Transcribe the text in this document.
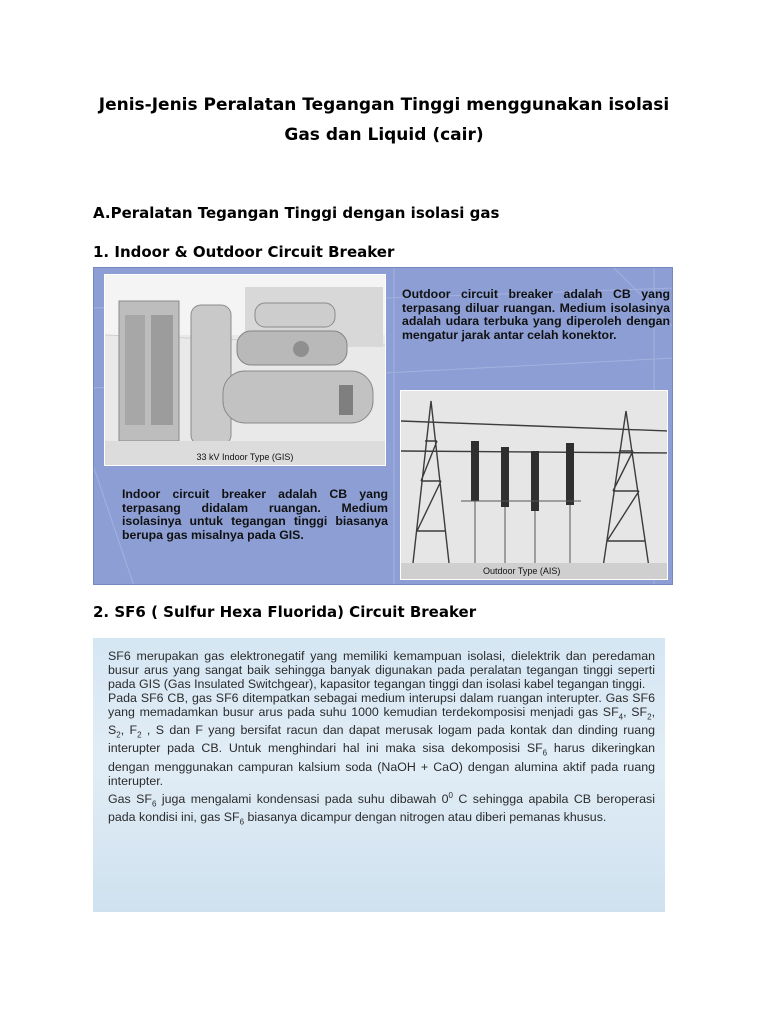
Jenis-Jenis Peralatan Tegangan Tinggi menggunakan isolasi
Gas dan Liquid (cair)
A.Peralatan Tegangan Tinggi dengan isolasi gas
1. Indoor & Outdoor Circuit Breaker
33 kV Indoor Type (GIS)
Outdoor circuit breaker adalah CB yang terpasang diluar ruangan. Medium isolasinya adalah udara terbuka yang diperoleh dengan mengatur jarak antar celah konektor.
Outdoor Type (AIS)
Indoor circuit breaker adalah CB yang terpasang didalam ruangan. Medium isolasinya untuk tegangan tinggi biasanya berupa gas misalnya pada GIS.
2. SF6 ( Sulfur Hexa Fluorida) Circuit Breaker

SF6 merupakan gas elektronegatif yang memiliki kemampuan isolasi, dielektrik dan peredaman busur arus yang sangat baik sehingga banyak digunakan pada peralatan tegangan tinggi seperti pada GIS (Gas Insulated Switchgear), kapasitor tegangan tinggi dan isolasi kabel tegangan tinggi.

Pada SF6 CB, gas SF6 ditempatkan sebagai medium interupsi dalam ruangan interupter. Gas SF6 yang memadamkan busur arus pada suhu 1000 kemudian terdekomposisi menjadi gas $SF_4$, $SF_2$, $S_2$, $F_2$ , S dan F yang bersifat racun dan dapat merusak logam pada kontak dan dinding ruang interupter pada CB. Untuk menghindari hal ini maka sisa dekomposisi $SF_6$ harus dikeringkan dengan menggunakan campuran kalsium soda (NaOH + CaO) dengan alumina aktif pada ruang interupter.

Gas $SF_6$ juga mengalami kondensasi pada suhu dibawah $0^0$ C sehingga apabila CB beroperasi pada kondisi ini, gas $SF_6$ biasanya dicampur dengan nitrogen atau diberi pemanas khusus.
